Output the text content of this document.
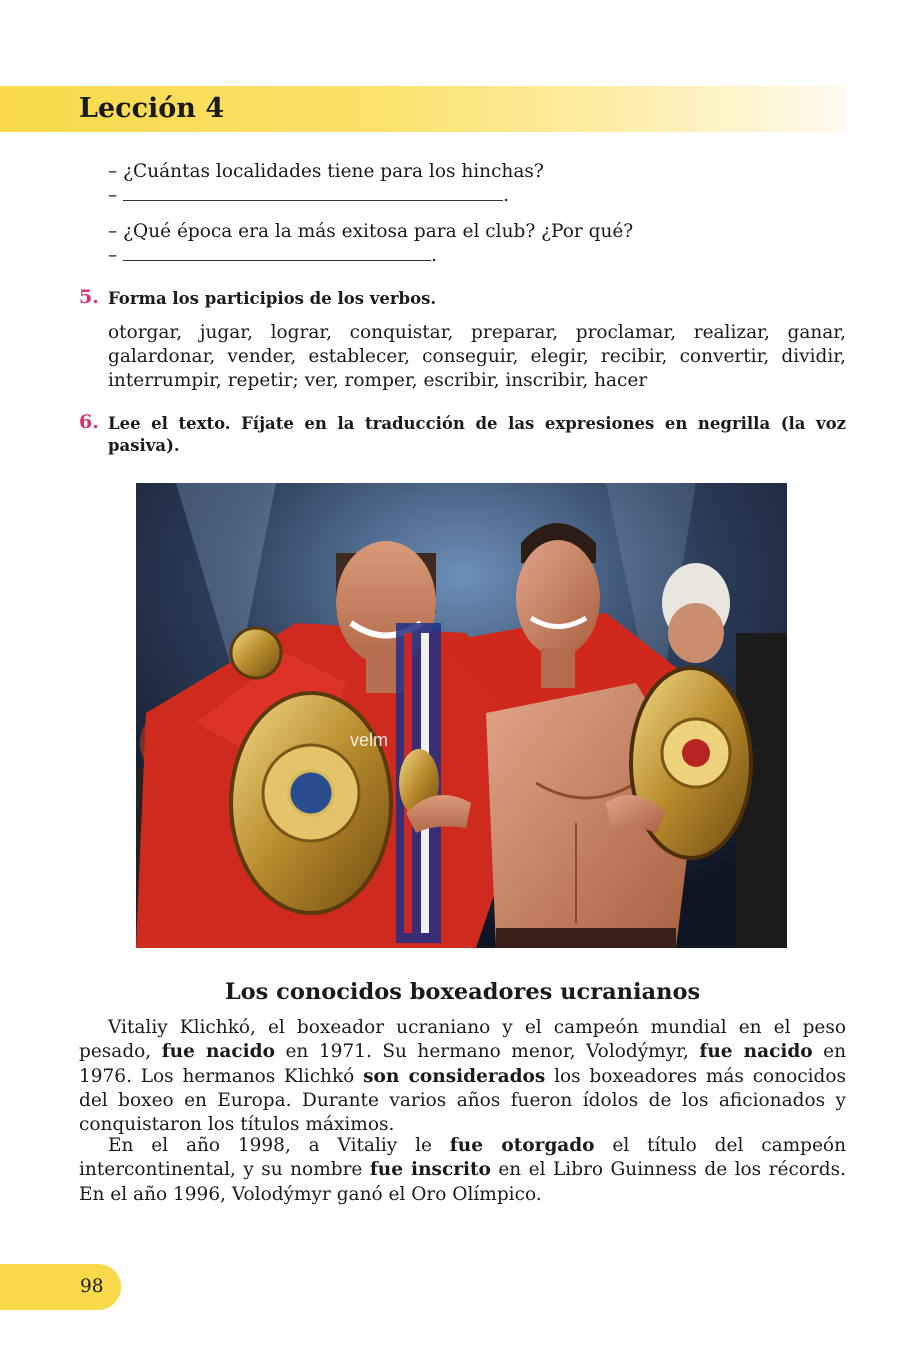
Lección 4
– ¿Cuántas localidades tiene para los hinchas?
–	.
– ¿Qué época era la más exitosa para el club? ¿Por qué?
–	.
5. Forma los participios de los verbos.
otorgar, jugar, lograr, conquistar, preparar, proclamar, realizar, ganar, galardonar, vender, establecer, conseguir, elegir, recibir, convertir, dividir, interrumpir, repetir; ver, romper, escribir, inscribir, hacer
6. Lee el texto. Fíjate en la traducción de las expresiones en negrilla (la voz pasiva).
velm
Los conocidos boxeadores ucranianos

Vitaliy Klichkó, el boxeador ucraniano y el campeón mundial en el peso pesado, fue nacido en 1971. Su hermano menor, Volodýmyr, fue nacido en 1976. Los hermanos Klichkó son considerados los boxeadores más conocidos del boxeo en Europa. Durante varios años fueron ídolos de los aficionados y conquistaron los títulos máximos.

En el año 1998, a Vitaliy le fue otorgado el título del campeón intercontinental, y su nombre fue inscrito en el Libro Guinness de los récords. En el año 1996, Volodýmyr ganó el Oro Olímpico.

98
